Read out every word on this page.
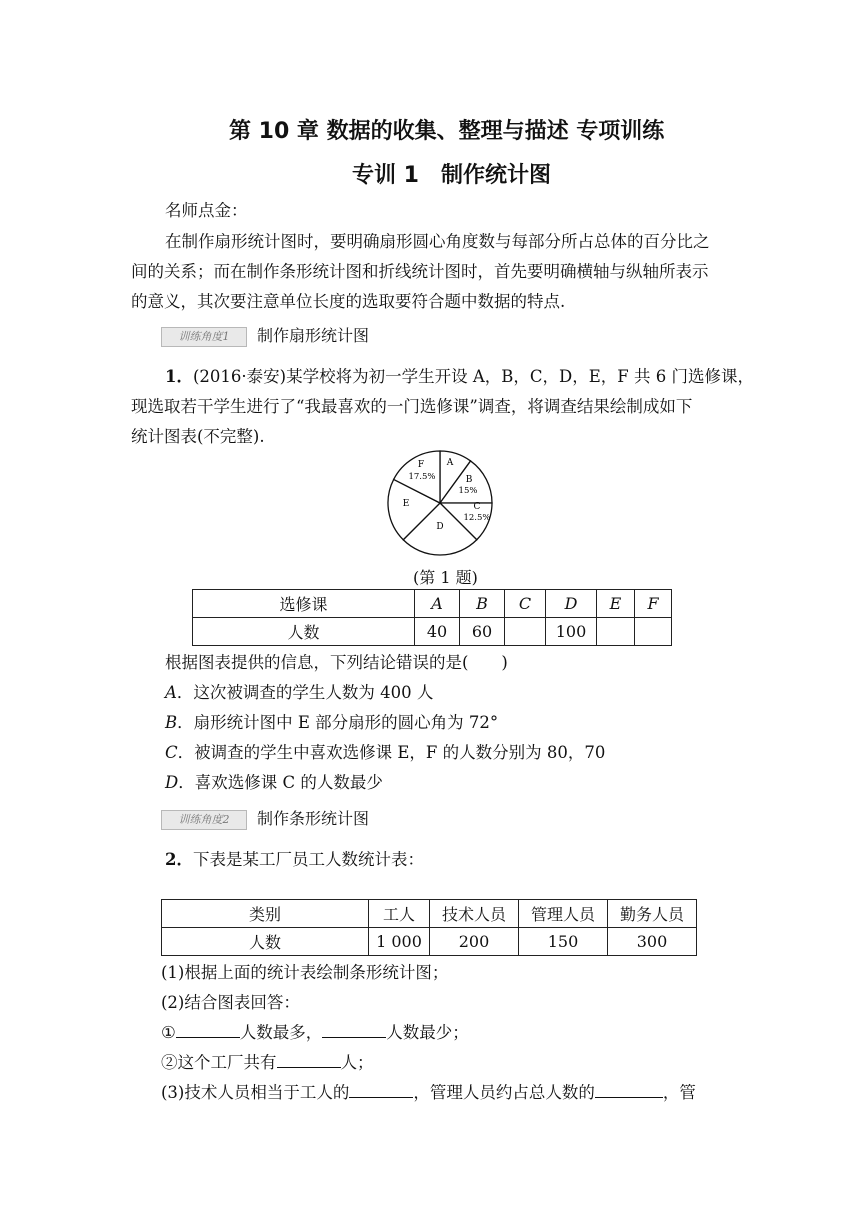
第 10 章 数据的收集、整理与描述 专项训练
专训 1　制作统计图
名师点金：
在制作扇形统计图时，要明确扇形圆心角度数与每部分所占总体的百分比之
间的关系；而在制作条形统计图和折线统计图时，首先要明确横轴与纵轴所表示
的意义，其次要注意单位长度的选取要符合题中数据的特点.
训练角度1 制作扇形统计图
1．(2016·泰安)某学校将为初一学生开设 A，B，C，D，E，F 共 6 门选修课，
现选取若干学生进行了“我最喜欢的一门选修课”调查，将调查结果绘制成如下
统计图表(不完整).
F
17.5%
A
B
15%
C
12.5%
D
E
(第 1 题)
选修课	A	B	C	D	E	F
人数	40	60		100		
根据图表提供的信息，下列结论错误的是(　　)
A．这次被调查的学生人数为 400 人
B．扇形统计图中 E 部分扇形的圆心角为 72°
C．被调查的学生中喜欢选修课 E，F 的人数分别为 80，70
D．喜欢选修课 C 的人数最少
训练角度2 制作条形统计图
2．下表是某工厂员工人数统计表：
类别	工人	技术人员	管理人员	勤务人员
人数	1 000	200	150	300
(1)根据上面的统计表绘制条形统计图；
(2)结合图表回答：
①	人数最多，	人数最少；
②这个工厂共有	人；
(3)技术人员相当于工人的	，管理人员约占总人数的	，管
